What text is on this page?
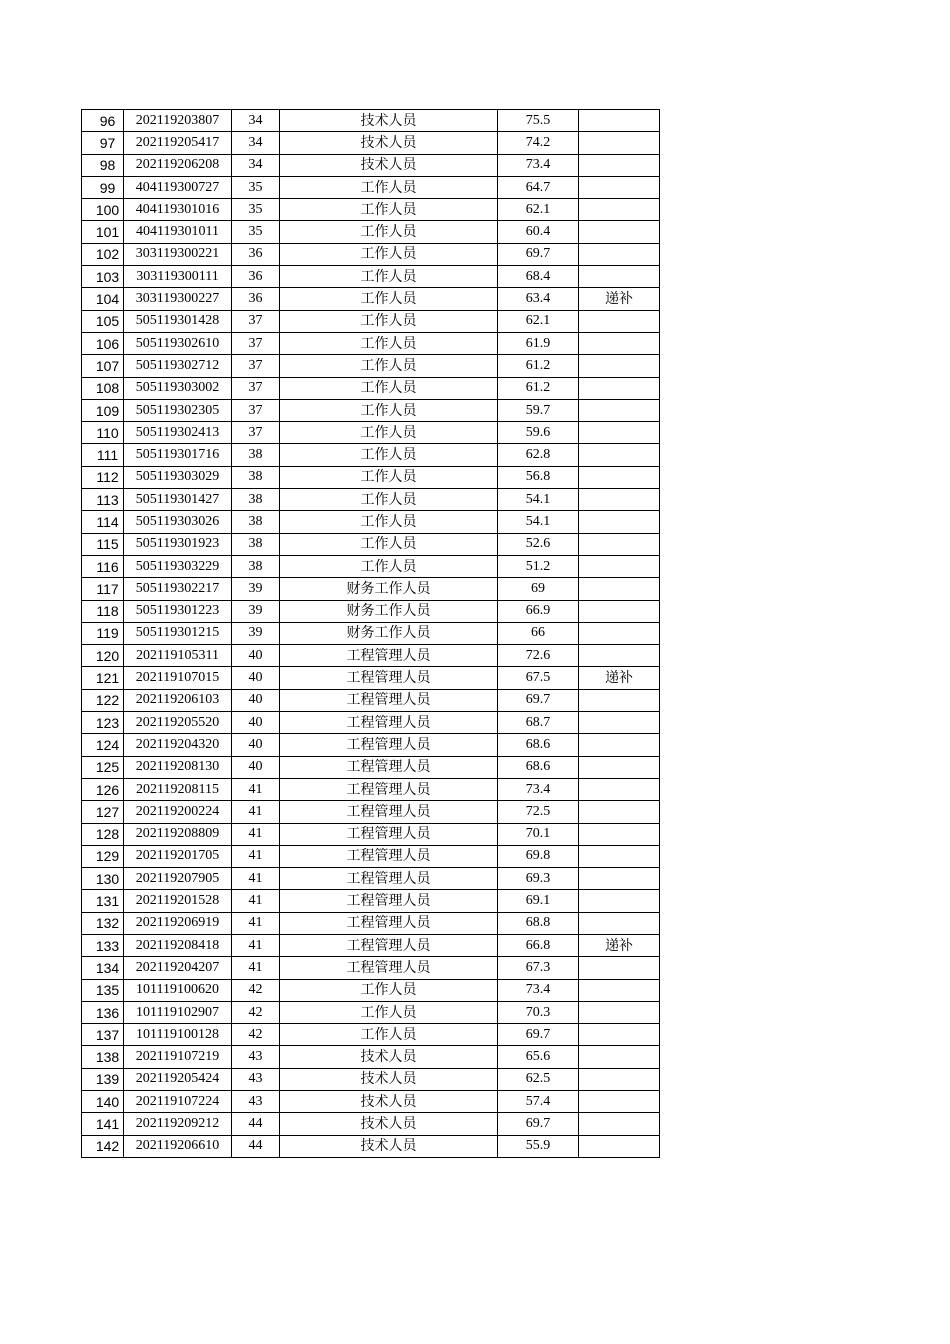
96	202119203807	34	技术人员	75.5	
97	202119205417	34	技术人员	74.2	
98	202119206208	34	技术人员	73.4	
99	404119300727	35	工作人员	64.7	
100	404119301016	35	工作人员	62.1	
101	404119301011	35	工作人员	60.4	
102	303119300221	36	工作人员	69.7	
103	303119300111	36	工作人员	68.4	
104	303119300227	36	工作人员	63.4	递补
105	505119301428	37	工作人员	62.1	
106	505119302610	37	工作人员	61.9	
107	505119302712	37	工作人员	61.2	
108	505119303002	37	工作人员	61.2	
109	505119302305	37	工作人员	59.7	
110	505119302413	37	工作人员	59.6	
111	505119301716	38	工作人员	62.8	
112	505119303029	38	工作人员	56.8	
113	505119301427	38	工作人员	54.1	
114	505119303026	38	工作人员	54.1	
115	505119301923	38	工作人员	52.6	
116	505119303229	38	工作人员	51.2	
117	505119302217	39	财务工作人员	69	
118	505119301223	39	财务工作人员	66.9	
119	505119301215	39	财务工作人员	66	
120	202119105311	40	工程管理人员	72.6	
121	202119107015	40	工程管理人员	67.5	递补
122	202119206103	40	工程管理人员	69.7	
123	202119205520	40	工程管理人员	68.7	
124	202119204320	40	工程管理人员	68.6	
125	202119208130	40	工程管理人员	68.6	
126	202119208115	41	工程管理人员	73.4	
127	202119200224	41	工程管理人员	72.5	
128	202119208809	41	工程管理人员	70.1	
129	202119201705	41	工程管理人员	69.8	
130	202119207905	41	工程管理人员	69.3	
131	202119201528	41	工程管理人员	69.1	
132	202119206919	41	工程管理人员	68.8	
133	202119208418	41	工程管理人员	66.8	递补
134	202119204207	41	工程管理人员	67.3	
135	101119100620	42	工作人员	73.4	
136	101119102907	42	工作人员	70.3	
137	101119100128	42	工作人员	69.7	
138	202119107219	43	技术人员	65.6	
139	202119205424	43	技术人员	62.5	
140	202119107224	43	技术人员	57.4	
141	202119209212	44	技术人员	69.7	
142	202119206610	44	技术人员	55.9	
